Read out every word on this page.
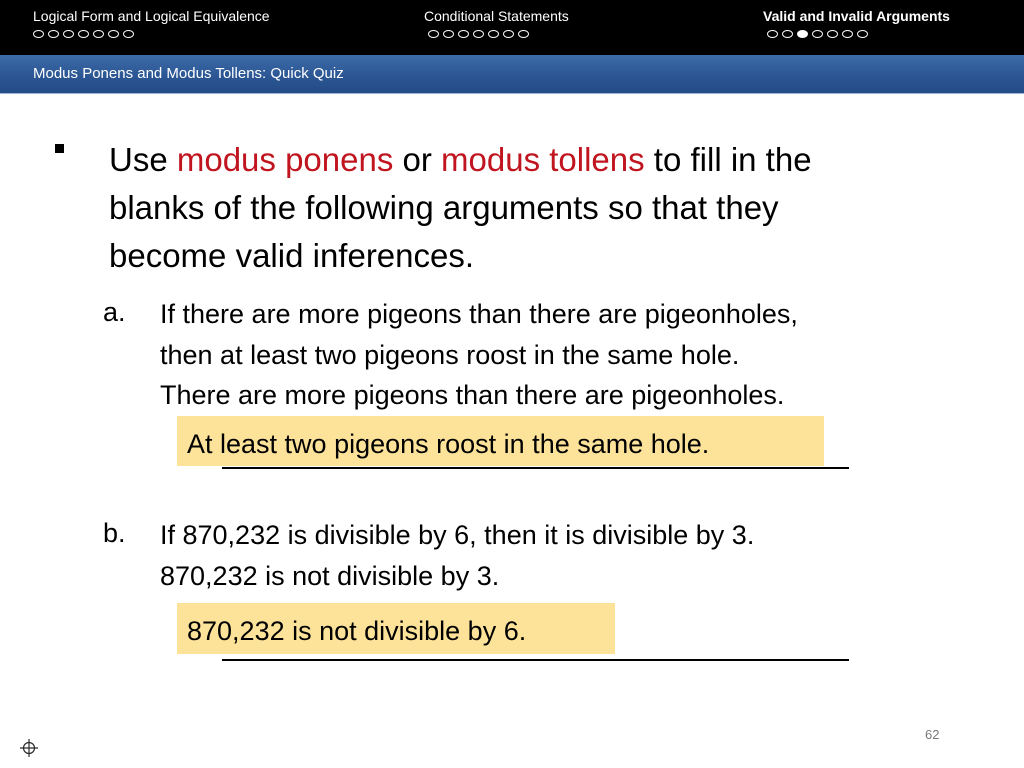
Logical Form and Logical Equivalence	Conditional Statements	Valid and Invalid Arguments
Modus Ponens and Modus Tollens: Quick Quiz
Use modus ponens or modus tollens to fill in the
blanks of the following arguments so that they
become valid inferences.
a. If there are more pigeons than there are pigeonholes,
then at least two pigeons roost in the same hole.
There are more pigeons than there are pigeonholes.
At least two pigeons roost in the same hole.
b. If 870,232 is divisible by 6, then it is divisible by 3.
870,232 is not divisible by 3.
870,232 is not divisible by 6.
62
